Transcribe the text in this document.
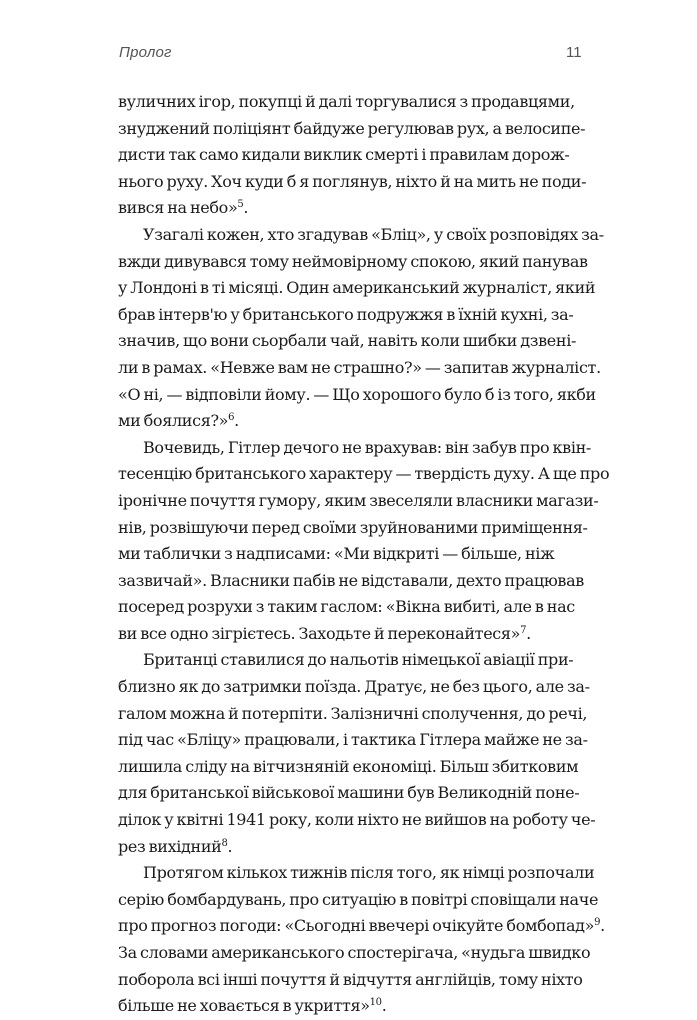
Пролог	11
вуличних ігор, покупці й далі торгувалися з продавцями,
знуджений поліціянт байдуже регулював рух, а велосипе-
дисти так само кидали виклик смерті і правилам дорож-
нього руху. Хоч куди б я поглянув, ніхто й на мить не поди-
вився на небо»$^5$.
Узагалі кожен, хто згадував «Бліц», у своїх розповідях за-
вжди дивувався тому неймовірному спокою, який панував
у Лондоні в ті місяці. Один американський журналіст, який
брав інтерв'ю у британського подружжя в їхній кухні, за-
значив, що вони сьорбали чай, навіть коли шибки дзвені-
ли в рамах. «Невже вам не страшно?» — запитав журналіст.
«О ні, — відповіли йому. — Що хорошого було б із того, якби
ми боялися?»$^6$.
Вочевидь, Гітлер дечого не врахував: він забув про квін-
тесенцію британського характеру — твердість духу. А ще про
іронічне почуття гумору, яким звеселяли власники магази-
нів, розвішуючи перед своїми зруйнованими приміщення-
ми таблички з надписами: «Ми відкриті — більше, ніж
зазвичай». Власники пабів не відставали, дехто працював
посеред розрухи з таким гаслом: «Вікна вибиті, але в нас
ви все одно зігрієтесь. Заходьте й переконайтеся»$^7$.
Британці ставилися до нальотів німецької авіації при-
близно як до затримки поїзда. Дратує, не без цього, але за-
галом можна й потерпіти. Залізничні сполучення, до речі,
під час «Бліцу» працювали, і тактика Гітлера майже не за-
лишила сліду на вітчизняній економіці. Більш збитковим
для британської військової машини був Великодній поне-
ділок у квітні 1941 року, коли ніхто не вийшов на роботу че-
рез вихідний$^8$.
Протягом кількох тижнів після того, як німці розпочали
серію бомбардувань, про ситуацію в повітрі сповіщали наче
про прогноз погоди: «Сьогодні ввечері очікуйте бомбопад»$^9$.
За словами американського спостерігача, «нудьга швидко
поборола всі інші почуття й відчуття англійців, тому ніхто
більше не ховається в укриття»$^{10}$.
